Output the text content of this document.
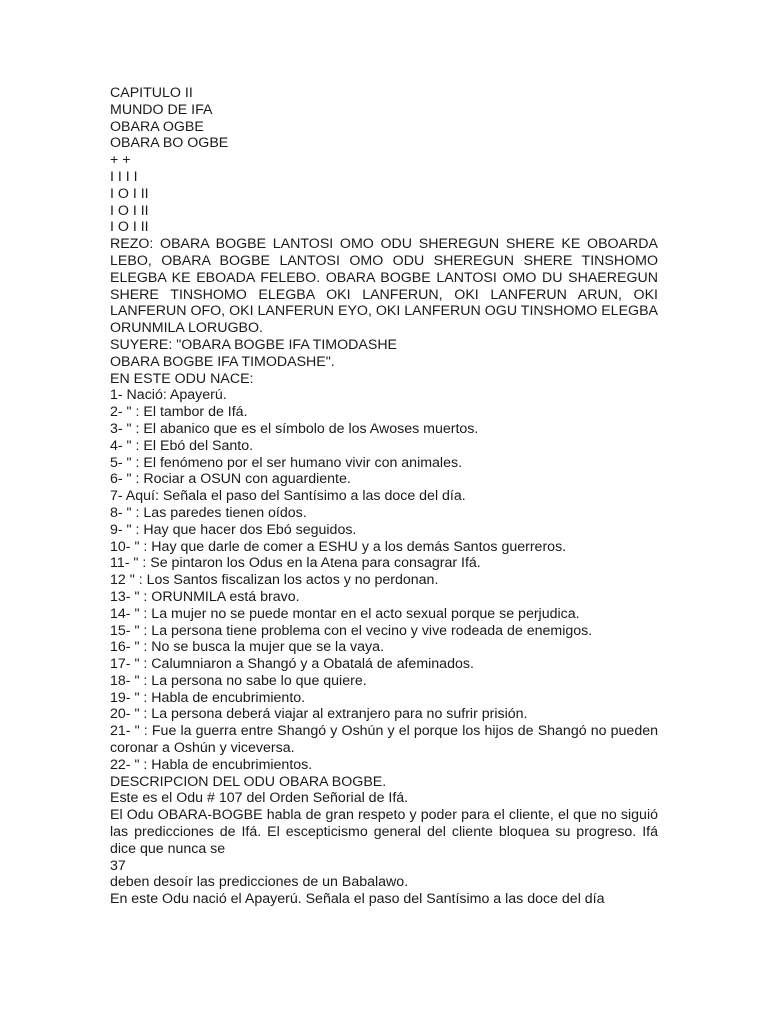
CAPITULO II
MUNDO DE IFA
OBARA OGBE
OBARA BO OGBE
+ +
I I I I
I O I II
I O I II
I O I II
REZO: OBARA BOGBE LANTOSI OMO ODU SHEREGUN SHERE KE OBOARDA LEBO, OBARA BOGBE LANTOSI OMO ODU SHEREGUN SHERE TINSHOMO ELEGBA KE EBOADA FELEBO. OBARA BOGBE LANTOSI OMO DU SHAEREGUN SHERE TINSHOMO ELEGBA OKI LANFERUN, OKI LANFERUN ARUN, OKI LANFERUN OFO, OKI LANFERUN EYO, OKI LANFERUN OGU TINSHOMO ELEGBA ORUNMILA LORUGBO.
SUYERE: "OBARA BOGBE IFA TIMODASHE
OBARA BOGBE IFA TIMODASHE".
EN ESTE ODU NACE:
1- Nació: Apayerú.
2- " : El tambor de Ifá.
3- " : El abanico que es el símbolo de los Awoses muertos.
4- " : El Ebó del Santo.
5- " : El fenómeno por el ser humano vivir con animales.
6- " : Rociar a OSUN con aguardiente.
7- Aquí: Señala el paso del Santísimo a las doce del día.
8- " : Las paredes tienen oídos.
9- " : Hay que hacer dos Ebó seguidos.
10- " : Hay que darle de comer a ESHU y a los demás Santos guerreros.
11- " : Se pintaron los Odus en la Atena para consagrar Ifá.
12 " : Los Santos fiscalizan los actos y no perdonan.
13- " : ORUNMILA está bravo.
14- " : La mujer no se puede montar en el acto sexual porque se perjudica.
15- " : La persona tiene problema con el vecino y vive rodeada de enemigos.
16- " : No se busca la mujer que se la vaya.
17- " : Calumniaron a Shangó y a Obatalá de afeminados.
18- " : La persona no sabe lo que quiere.
19- " : Habla de encubrimiento.
20- " : La persona deberá viajar al extranjero para no sufrir prisión.
21- " : Fue la guerra entre Shangó y Oshún y el porque los hijos de Shangó no pueden coronar a Oshún y viceversa.
22- " : Habla de encubrimientos.
DESCRIPCION DEL ODU OBARA BOGBE.
Este es el Odu # 107 del Orden Señorial de Ifá.
El Odu OBARA-BOGBE habla de gran respeto y poder para el cliente, el que no siguió las predicciones de Ifá. El escepticismo general del cliente bloquea su progreso. Ifá dice que nunca se
37
deben desoír las predicciones de un Babalawo.
En este Odu nació el Apayerú. Señala el paso del Santísimo a las doce del día
